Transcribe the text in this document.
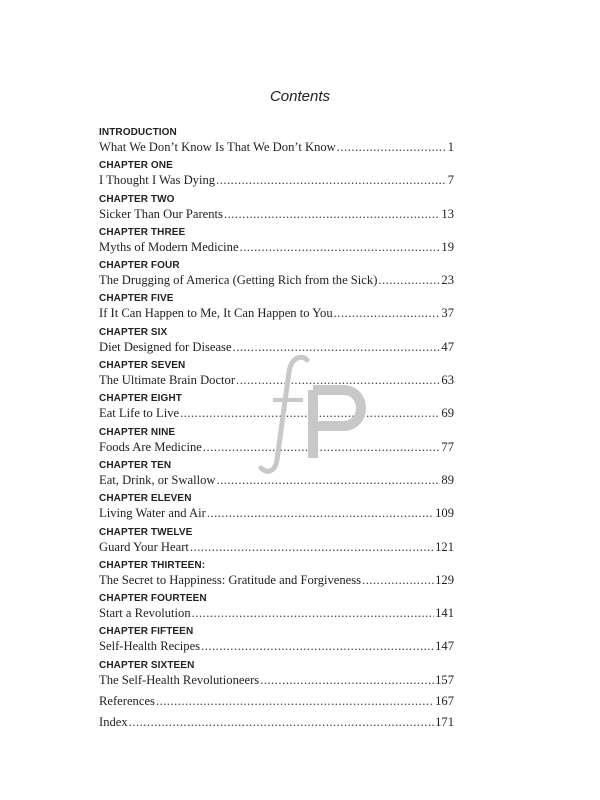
Contents
INTRODUCTION
What We Don’t Know Is That We Don’t Know .....	1
CHAPTER ONE
I Thought I Was Dying .....	7
CHAPTER TWO
Sicker Than Our Parents .....	13
CHAPTER THREE
Myths of Modern Medicine .....	19
CHAPTER FOUR
The Drugging of America (Getting Rich from the Sick) .....	23
CHAPTER FIVE
If It Can Happen to Me, It Can Happen to You .....	37
CHAPTER SIX
Diet Designed for Disease .....	47
CHAPTER SEVEN
The Ultimate Brain Doctor .....	63
CHAPTER EIGHT
Eat Life to Live .....	69
CHAPTER NINE
Foods Are Medicine .....	77
CHAPTER TEN
Eat, Drink, or Swallow .....	89
CHAPTER ELEVEN
Living Water and Air .....	109
CHAPTER TWELVE
Guard Your Heart .....	121
CHAPTER THIRTEEN:
The Secret to Happiness: Gratitude and Forgiveness .....	129
CHAPTER FOURTEEN
Start a Revolution .....	141
CHAPTER FIFTEEN
Self-Health Recipes .....	147
CHAPTER SIXTEEN
The Self-Health Revolutioneers .....	157
References .....	167
Index .....	171
